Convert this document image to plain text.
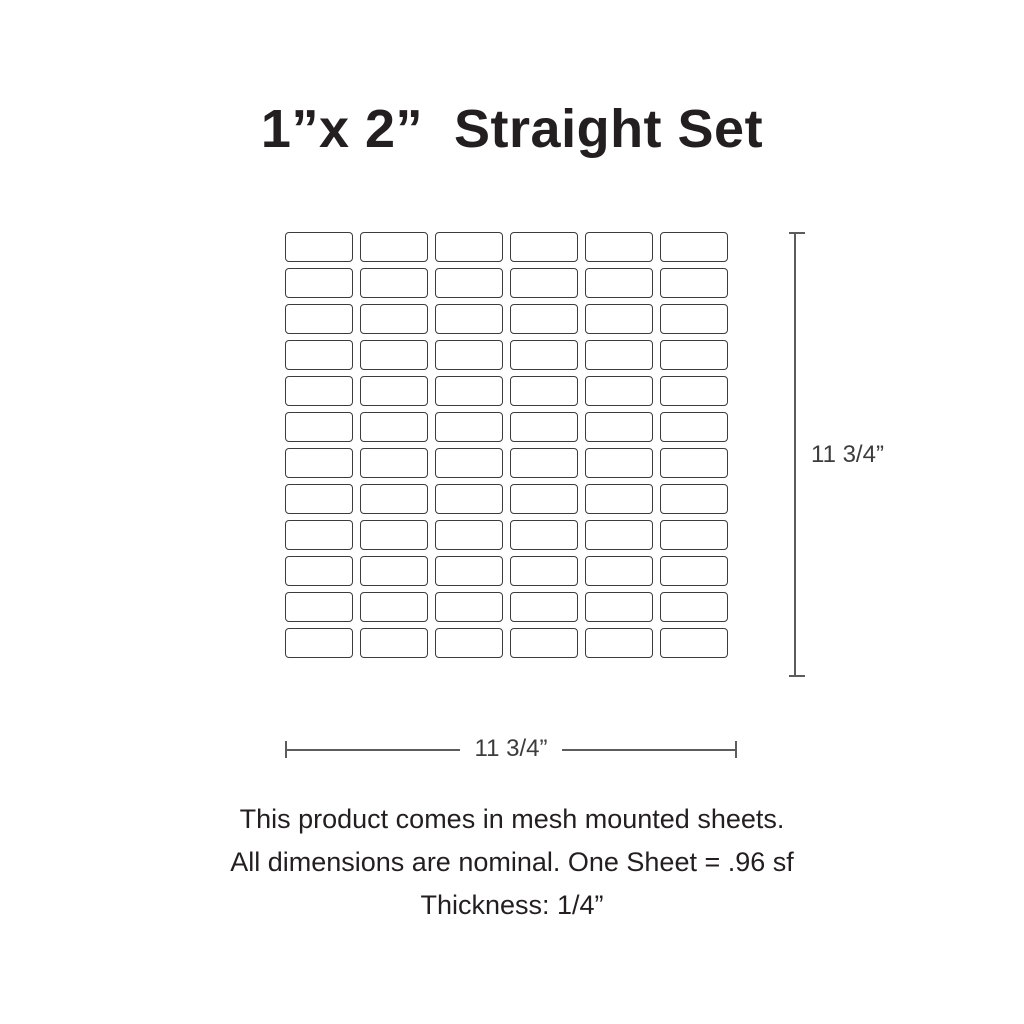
1”x 2”  Straight Set
11 3/4”
11 3/4”
This product comes in mesh mounted sheets.
All dimensions are nominal. One Sheet = .96 sf
Thickness: 1/4”
